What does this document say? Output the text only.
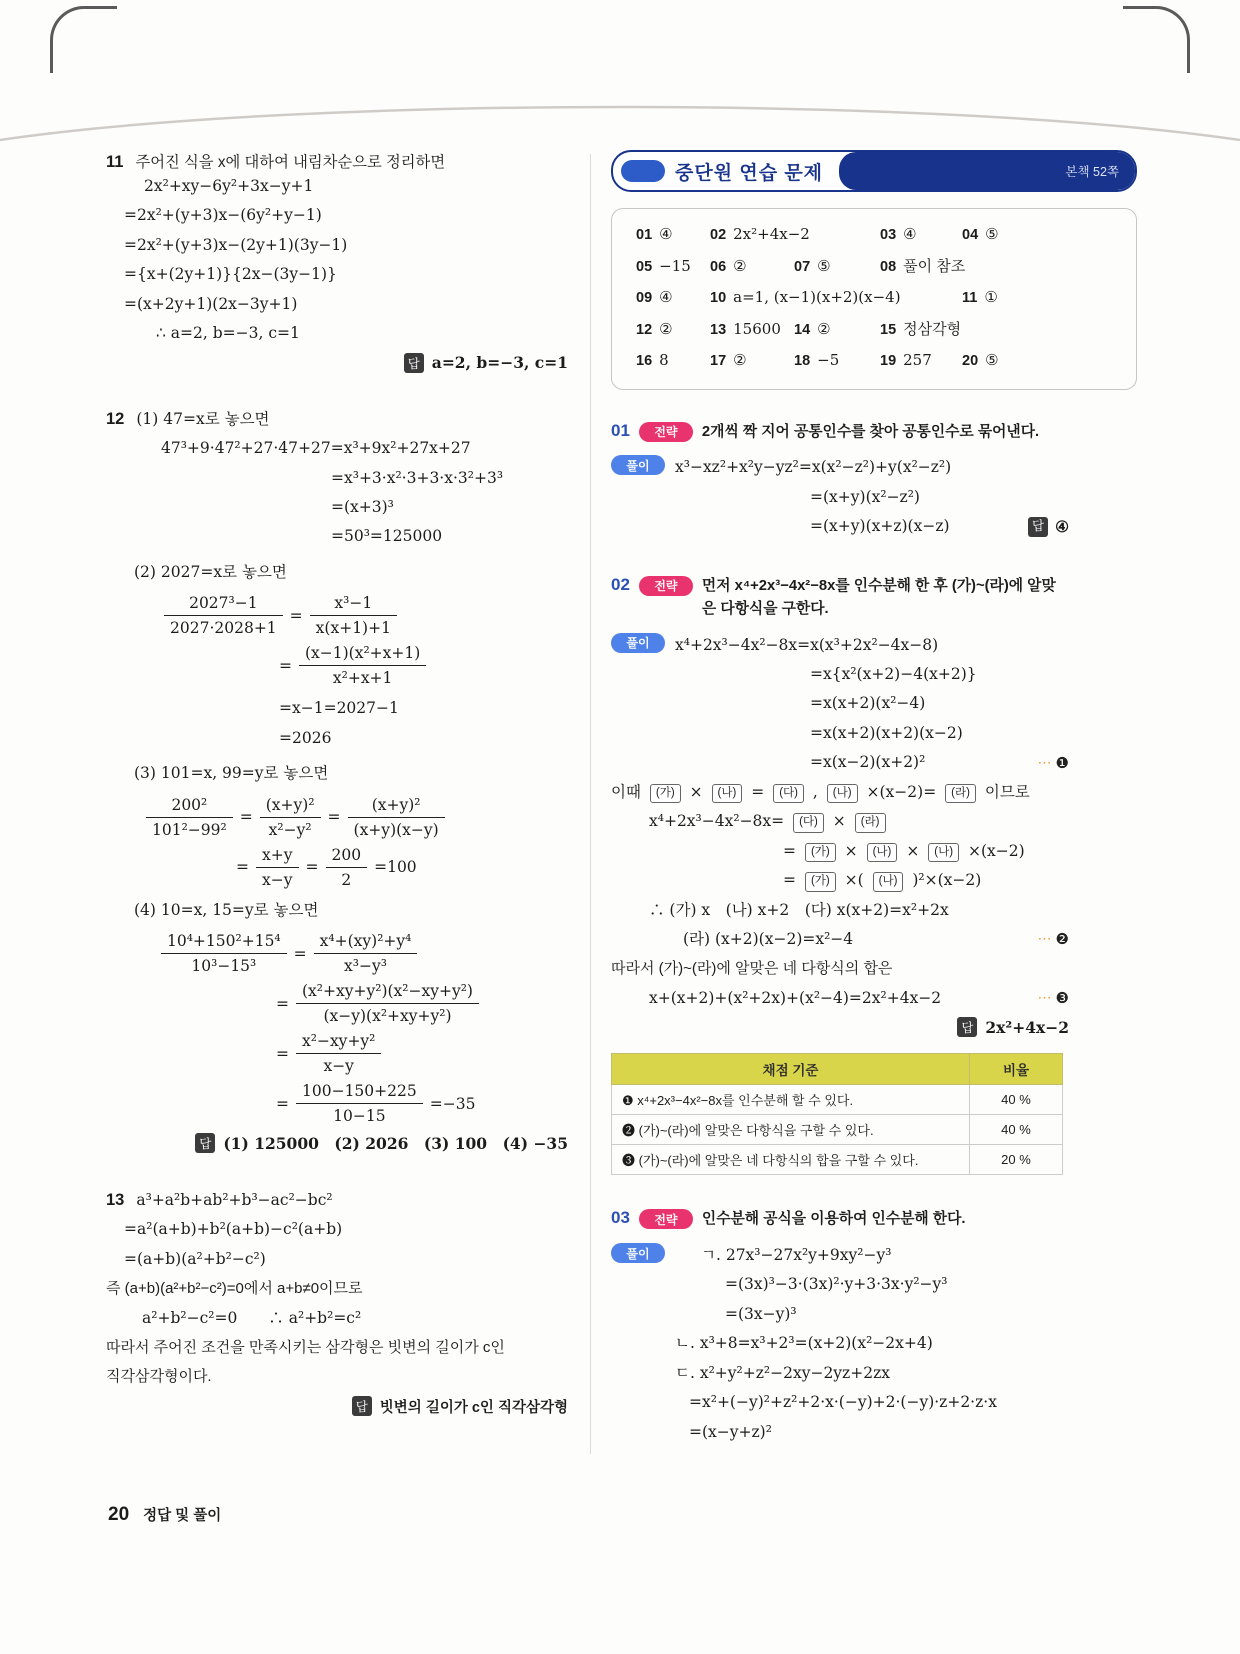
11 주어진 식을 x에 대하여 내림차순으로 정리하면
2x²+xy−6y²+3x−y+1
=2x²+(y+3)x−(6y²+y−1)
=2x²+(y+3)x−(2y+1)(3y−1)
={x+(2y+1)}{2x−(3y−1)}
=(x+2y+1)(2x−3y+1)
∴ a=2, b=−3, c=1
답 a=2, b=−3, c=1
12 (1) 47=x로 놓으면
47³+9·47²+27·47+27=x³+9x²+27x+27
=x³+3·x²·3+3·x·3²+3³
=(x+3)³
=50³=125000
(2) 2027=x로 놓으면
$\frac{\text{2027³−1}}{2027\cdot 2028+1} = \frac{\text{x³−1}}{x(x+1)+1}$
= $\frac{\text{(x−1)(x²+x+1)}}{\text{x²+x+1}}$
=x−1=2027−1
=2026
(3) 101=x, 99=y로 놓으면
$\frac{\text{200²}}{\text{101²−99²}} = \frac{\text{(x+y)²}}{\text{x²−y²}} = \frac{\text{(x+y)²}}{(x+y)(x-y)}$
= $\frac{x+y}{x-y} = \frac{200}{2} =100$
(4) 10=x, 15=y로 놓으면
$\frac{\text{10⁴+150²+15⁴}}{\text{10³−15³}} = \frac{\text{x⁴+(xy)²+y⁴}}{\text{x³−y³}}$
= $\frac{\text{(x²+xy+y²)(x²−xy+y²)}}{\text{(x−y)(x²+xy+y²)}}$
= $\frac{\text{x²−xy+y²}}{x-y}$
= $\frac{100-150+225}{10-15} =-35$
답 (1) 125000　(2) 2026　(3) 100　(4) −35
13 a³+a²b+ab²+b³−ac²−bc²
=a²(a+b)+b²(a+b)−c²(a+b)
=(a+b)(a²+b²−c²)
즉 (a+b)(a²+b²−c²)=0에서 a+b≠0이므로
a²+b²−c²=0　　∴ a²+b²=c²
따라서 주어진 조건을 만족시키는 삼각형은 빗변의 길이가 c인
직각삼각형이다.
답 빗변의 길이가 c인 직각삼각형
중단원 연습 문제	본책 52쪽
01 ④	02 2x²+4x−2	03 ④	04 ⑤
05 −15 06 ②	07 ⑤	08 풀이 참조
09 ④	10 a=1, (x−1)(x+2)(x−4)	11 ①
12 ②	13 15600 14 ②	15 정삼각형
16 8	17 ②	18 −5	19 257 20 ⑤
01	전략	2개씩 짝 지어 공통인수를 찾아 공통인수로 묶어낸다.
풀이	x³−xz²+x²y−yz²=x(x²−z²)+y(x²−z²)
=(x+y)(x²−z²)
=(x+y)(x+z)(x−z)	답 ④
02	전략	먼저 x⁴+2x³−4x²−8x를 인수분해 한 후 (가)~(라)에 알맞은 다항식을 구한다.
풀이	x⁴+2x³−4x²−8x=x(x³+2x²−4x−8)
=x{x²(x+2)−4(x+2)}
=x(x+2)(x²−4)
=x(x+2)(x+2)(x−2)
=x(x−2)(x+2)²	⋯ ❶
이때 (가) × (나) = (다) , (나) ×(x−2)= (라) 이므로
x⁴+2x³−4x²−8x= (다) × (라)
= (가) × (나) × (나) ×(x−2)
= (가) ×( (나) )²×(x−2)
∴ (가) x　(나) x+2　(다) x(x+2)=x²+2x
(라) (x+2)(x−2)=x²−4	⋯ ❷
따라서 (가)~(라)에 알맞은 네 다항식의 합은
x+(x+2)+(x²+2x)+(x²−4)=2x²+4x−2	⋯ ❸
답 2x²+4x−2
채점 기준	비율
❶ x⁴+2x³−4x²−8x를 인수분해 할 수 있다.	40 %
❷ (가)~(라)에 알맞은 다항식을 구할 수 있다.	40 %
❸ (가)~(라)에 알맞은 네 다항식의 합을 구할 수 있다.	20 %
03	전략	인수분해 공식을 이용하여 인수분해 한다.
풀이	ㄱ. 27x³−27x²y+9xy²−y³
=(3x)³−3·(3x)²·y+3·3x·y²−y³
=(3x−y)³
ㄴ. x³+8=x³+2³=(x+2)(x²−2x+4)
ㄷ. x²+y²+z²−2xy−2yz+2zx
=x²+(−y)²+z²+2·x·(−y)+2·(−y)·z+2·z·x
=(x−y+z)²
20 정답 및 풀이
